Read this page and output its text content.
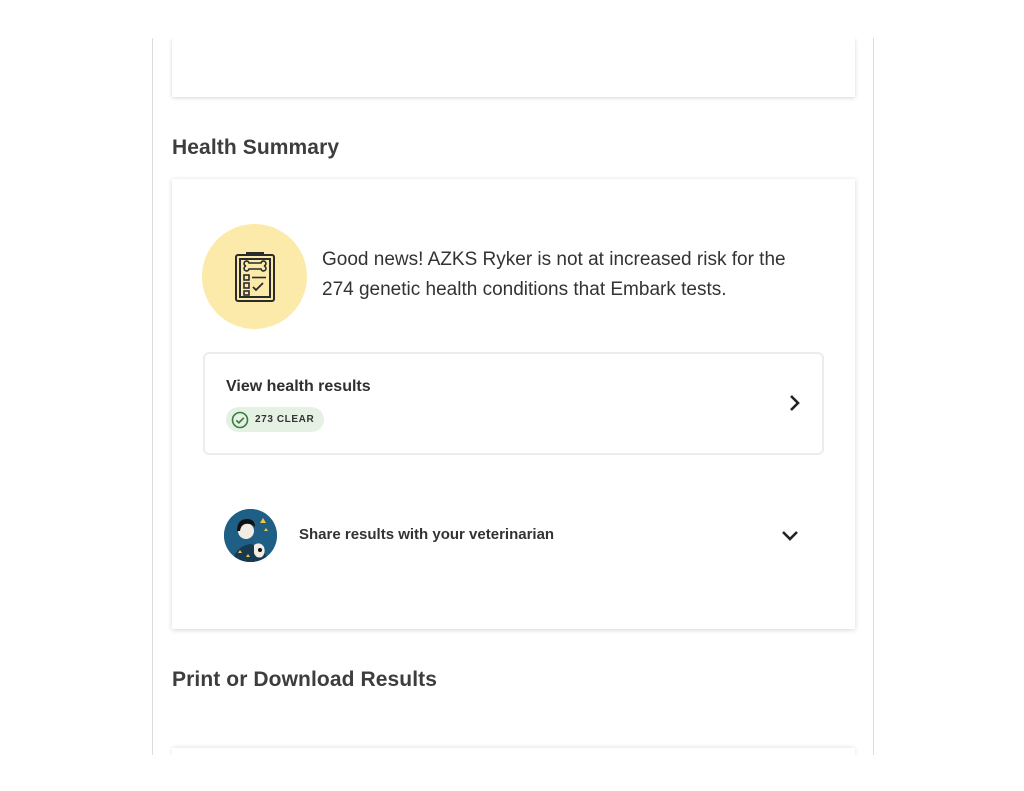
Health Summary

Good news! AZKS Ryker is not at increased risk for the 274 genetic health conditions that Embark tests.

View health results
273 CLEAR
Share results with your veterinarian
Print or Download Results
